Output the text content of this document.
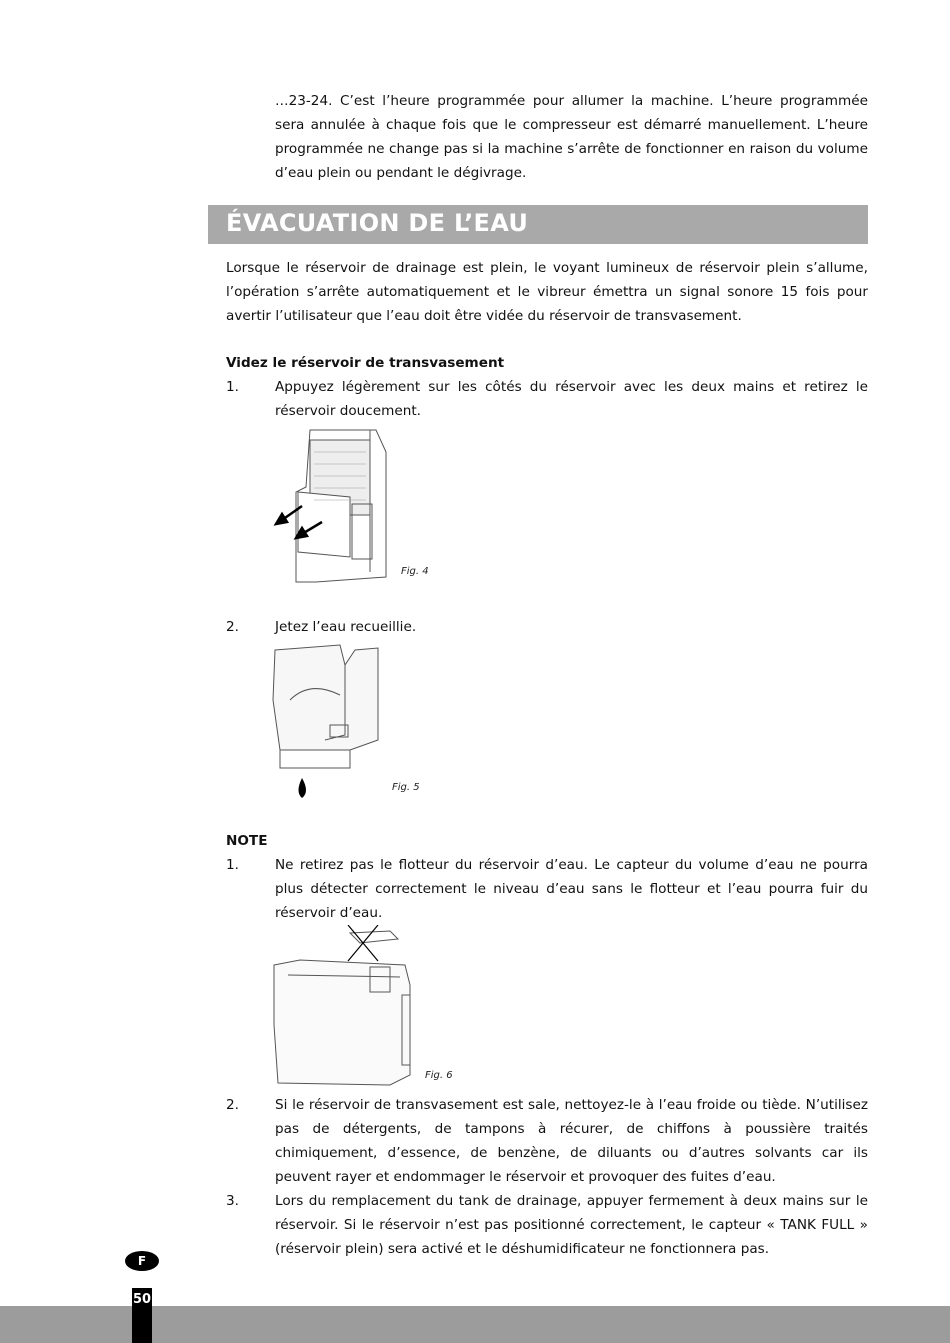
…23-24. C’est l’heure programmée pour allumer la machine. L’heure programmée sera annulée à chaque fois que le compresseur est démarré manuellement. L’heure programmée ne change pas si la machine s’arrête de fonctionner en raison du volume d’eau plein ou pendant le dégivrage.
ÉVACUATION DE L’EAU
Lorsque le réservoir de drainage est plein, le voyant lumineux de réservoir plein s’allume, l’opération s’arrête automatiquement et le vibreur émettra un signal sonore 15 fois pour avertir l’utilisateur que l’eau doit être vidée du réservoir de transvasement.
Videz le réservoir de transvasement
1.	Appuyez légèrement sur les côtés du réservoir avec les deux mains et retirez le réservoir doucement.
Fig. 4
2.	Jetez l’eau recueillie.
Fig. 5
NOTE
1.	Ne retirez pas le flotteur du réservoir d’eau. Le capteur du volume d’eau ne pourra plus détecter correctement le niveau d’eau sans le flotteur et l’eau pourra fuir du réservoir d’eau.
Fig. 6
2.	Si le réservoir de transvasement est sale, nettoyez-le à l’eau froide ou tiède. N’utilisez pas de détergents, de tampons à récurer, de chiffons à poussière traités chimiquement, d’essence, de benzène, de diluants ou d’autres solvants car ils peuvent rayer et endommager le réservoir et provoquer des fuites d’eau.
3.	Lors du remplacement du tank de drainage, appuyer fermement à deux mains sur le réservoir. Si le réservoir n’est pas positionné correctement, le capteur « TANK FULL » (réservoir plein) sera activé et le déshumidificateur ne fonctionnera pas.
F
50
